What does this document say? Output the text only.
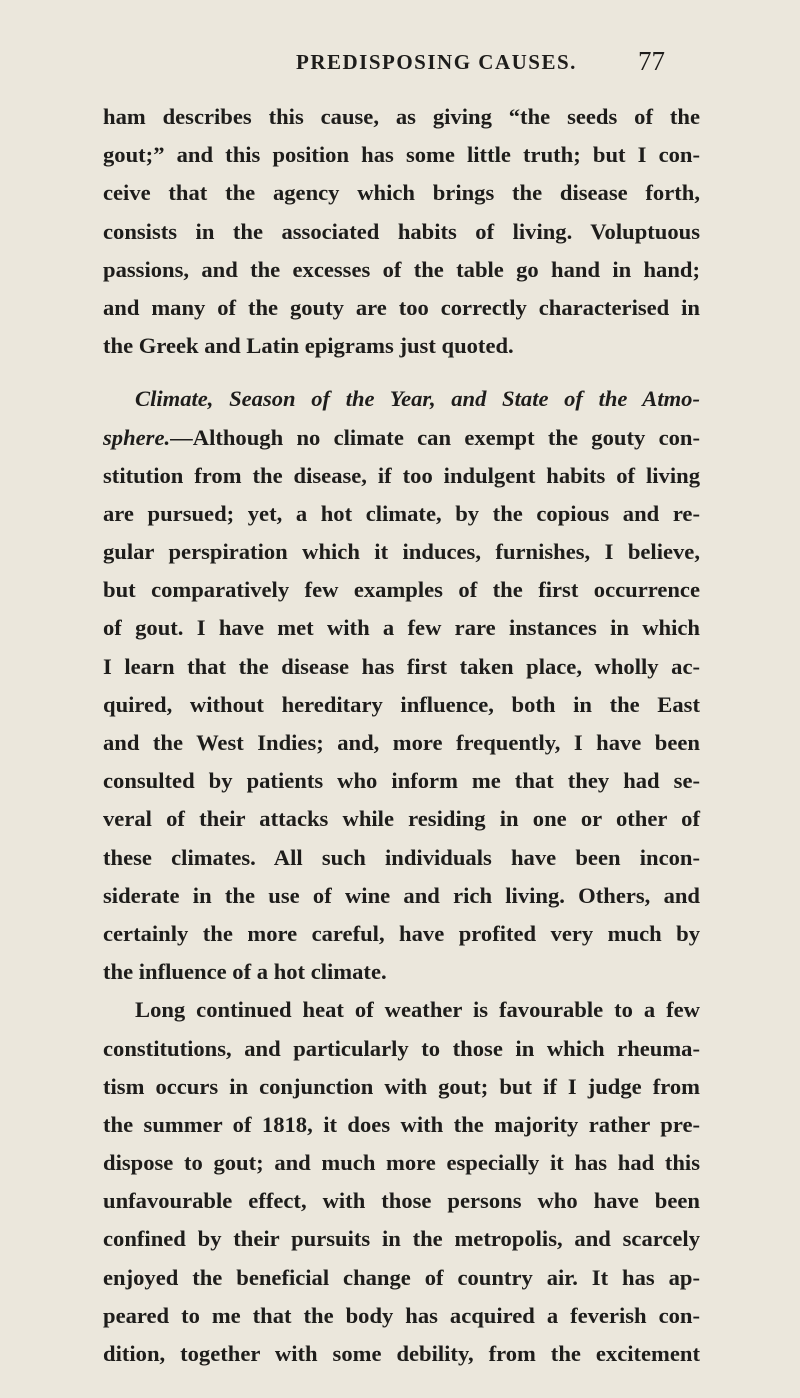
PREDISPOSING CAUSES. 77
ham describes this cause, as giving “the seeds of the
gout;” and this position has some little truth; but I con-
ceive that the agency which brings the disease forth,
consists in the associated habits of living. Voluptuous
passions, and the excesses of the table go hand in hand;
and many of the gouty are too correctly characterised in
the Greek and Latin epigrams just quoted.
Climate, Season of the Year, and State of the Atmo-
sphere.—Although no climate can exempt the gouty con-
stitution from the disease, if too indulgent habits of living
are pursued; yet, a hot climate, by the copious and re-
gular perspiration which it induces, furnishes, I believe,
but comparatively few examples of the first occurrence
of gout. I have met with a few rare instances in which
I learn that the disease has first taken place, wholly ac-
quired, without hereditary influence, both in the East
and the West Indies; and, more frequently, I have been
consulted by patients who inform me that they had se-
veral of their attacks while residing in one or other of
these climates. All such individuals have been incon-
siderate in the use of wine and rich living. Others, and
certainly the more careful, have profited very much by
the influence of a hot climate.
Long continued heat of weather is favourable to a few
constitutions, and particularly to those in which rheuma-
tism occurs in conjunction with gout; but if I judge from
the summer of 1818, it does with the majority rather pre-
dispose to gout; and much more especially it has had this
unfavourable effect, with those persons who have been
confined by their pursuits in the metropolis, and scarcely
enjoyed the beneficial change of country air. It has ap-
peared to me that the body has acquired a feverish con-
dition, together with some debility, from the excitement
